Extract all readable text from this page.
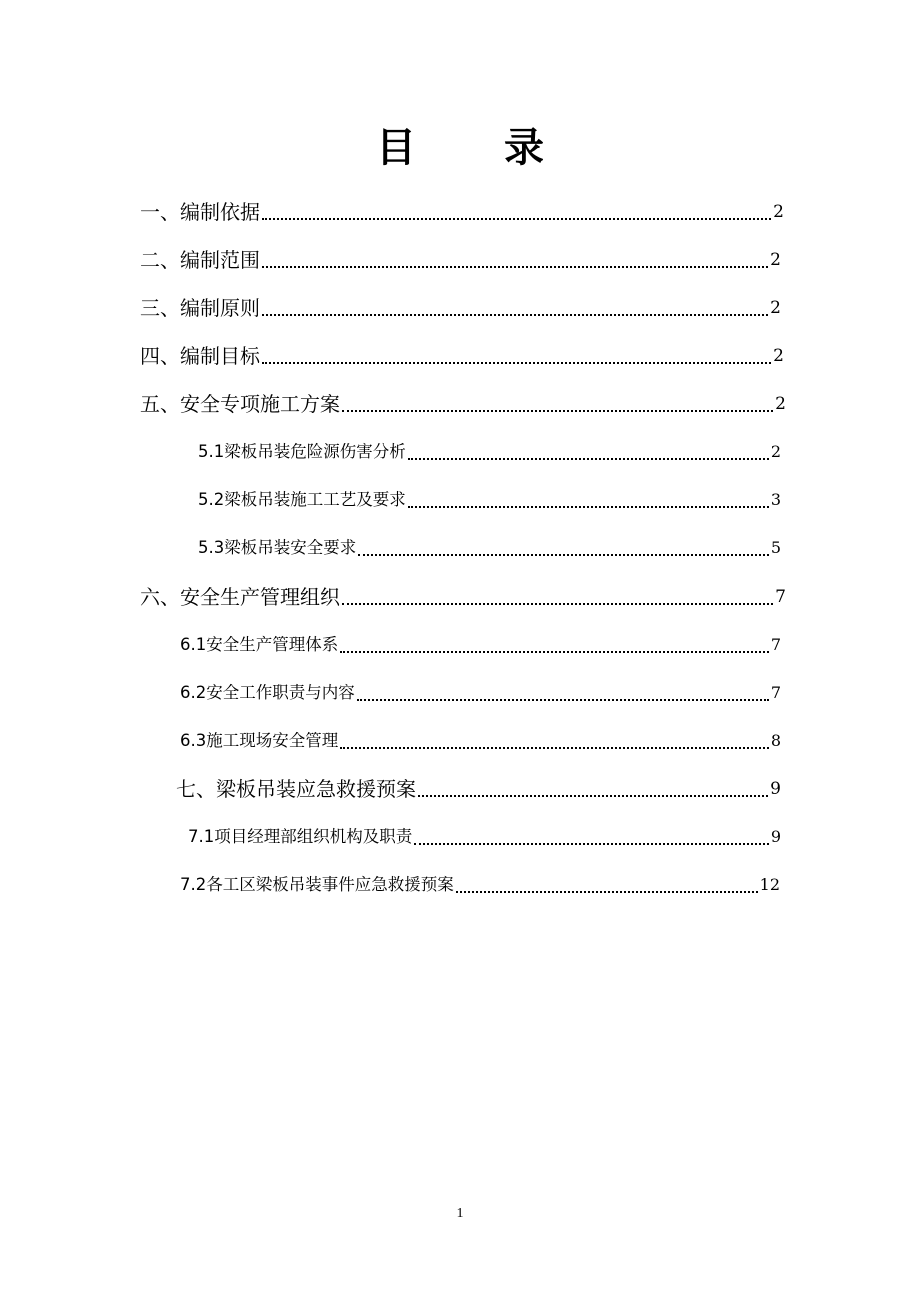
目 录
一、编制依据	2
二、编制范围	2
三、编制原则	2
四、编制目标	2
五、安全专项施工方案	2
5.1梁板吊装危险源伤害分析	2
5.2梁板吊装施工工艺及要求	3
5.3梁板吊装安全要求	5
六、安全生产管理组织	7
6.1安全生产管理体系	7
6.2安全工作职责与内容	7
6.3施工现场安全管理	8
七、梁板吊装应急救援预案	9
7.1项目经理部组织机构及职责	9
7.2各工区梁板吊装事件应急救援预案	12
1
